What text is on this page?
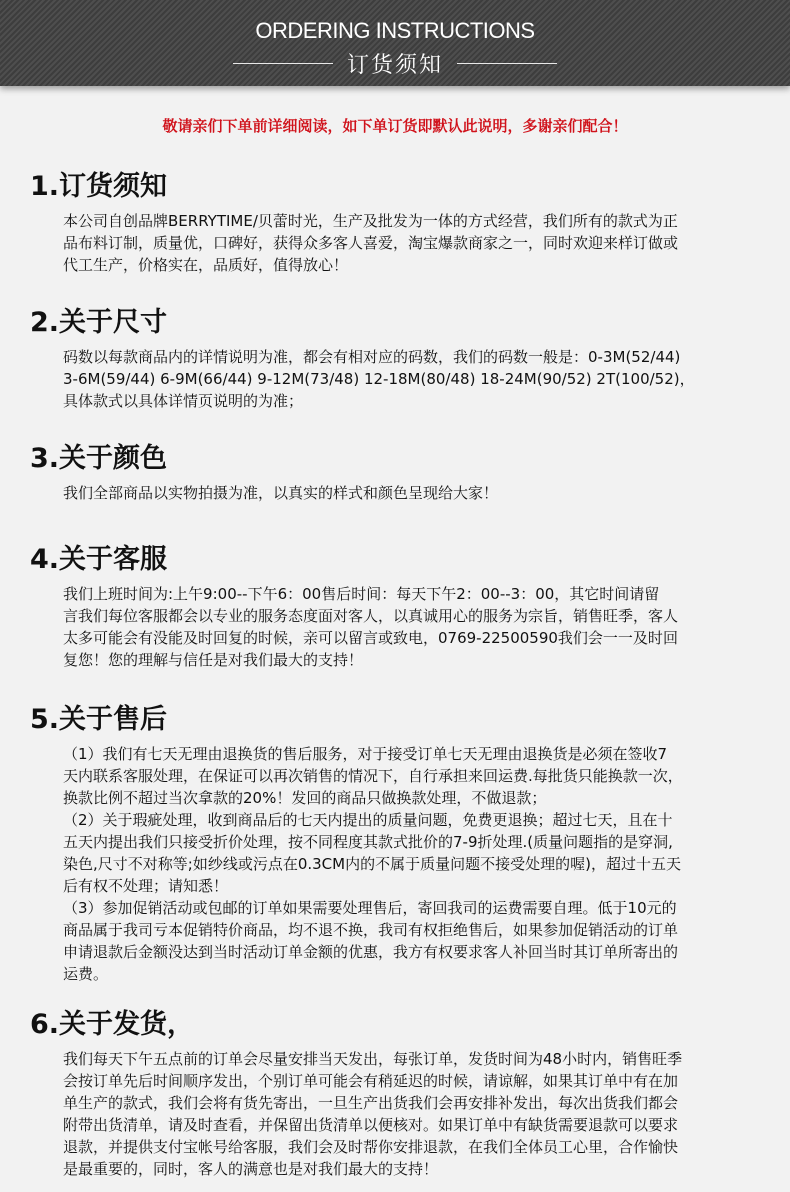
ORDERING INSTRUCTIONS
订货须知
敬请亲们下单前详细阅读，如下单订货即默认此说明，多谢亲们配合！
1.订货须知

本公司自创品牌BERRYTIME/贝蕾时光，生产及批发为一体的方式经营，我们所有的款式为正

品布料订制，质量优，口碑好，获得众多客人喜爱，淘宝爆款商家之一，同时欢迎来样订做或

代工生产，价格实在，品质好，值得放心！

2.关于尺寸

码数以每款商品内的详情说明为准，都会有相对应的码数，我们的码数一般是：0-3M(52/44)

3-6M(59/44) 6-9M(66/44) 9-12M(73/48) 12-18M(80/48) 18-24M(90/52) 2T(100/52)，

具体款式以具体详情页说明的为准；

3.关于颜色

我们全部商品以实物拍摄为准，以真实的样式和颜色呈现给大家！

4.关于客服

我们上班时间为:上午9:00--下午6：00售后时间：每天下午2：00--3：00，其它时间请留

言我们每位客服都会以专业的服务态度面对客人，以真诚用心的服务为宗旨，销售旺季，客人

太多可能会有没能及时回复的时候，亲可以留言或致电，0769-22500590我们会一一及时回

复您！您的理解与信任是对我们最大的支持！

5.关于售后

（1）我们有七天无理由退换货的售后服务，对于接受订单七天无理由退换货是必须在签收7

天内联系客服处理，在保证可以再次销售的情况下，自行承担来回运费.每批货只能换款一次，

换款比例不超过当次拿款的20%！发回的商品只做换款处理，不做退款；

（2）关于瑕疵处理，收到商品后的七天内提出的质量问题，免费更退换；超过七天，且在十

五天内提出我们只接受折价处理，按不同程度其款式批价的7-9折处理.(质量问题指的是穿洞,

染色,尺寸不对称等;如纱线或污点在0.3CM内的不属于质量问题不接受处理的喔)，超过十五天

后有权不处理；请知悉！

（3）参加促销活动或包邮的订单如果需要处理售后，寄回我司的运费需要自理。低于10元的

商品属于我司亏本促销特价商品，均不退不换，我司有权拒绝售后，如果参加促销活动的订单

申请退款后金额没达到当时活动订单金额的优惠，我方有权要求客人补回当时其订单所寄出的

运费。

6.关于发货，

我们每天下午五点前的订单会尽量安排当天发出，每张订单，发货时间为48小时内，销售旺季

会按订单先后时间顺序发出，个别订单可能会有稍延迟的时候，请谅解，如果其订单中有在加

单生产的款式，我们会将有货先寄出，一旦生产出货我们会再安排补发出，每次出货我们都会

附带出货清单，请及时查看，并保留出货清单以便核对。如果订单中有缺货需要退款可以要求

退款，并提供支付宝帐号给客服，我们会及时帮你安排退款，在我们全体员工心里，合作愉快

是最重要的，同时，客人的满意也是对我们最大的支持！
